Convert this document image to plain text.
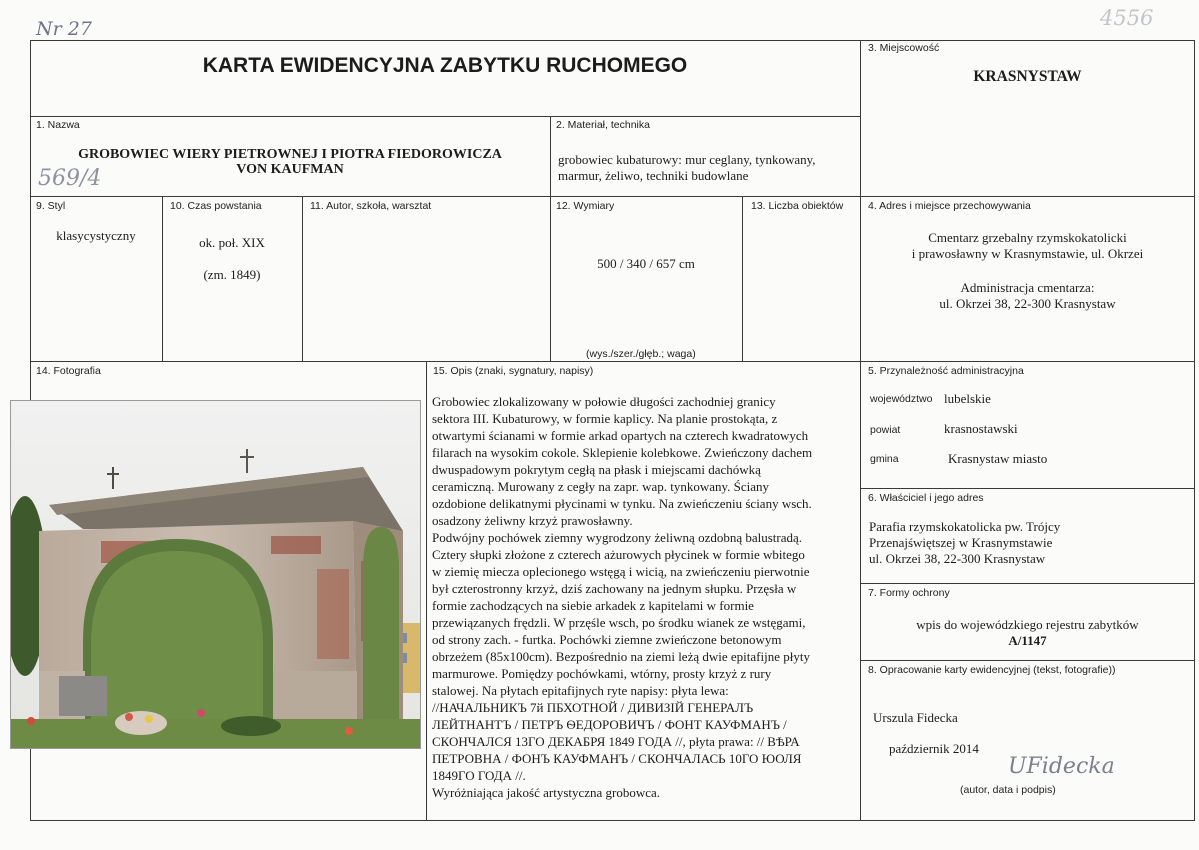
Nr 27	4556
569/4
KARTA EWIDENCYJNA ZABYTKU RUCHOMEGO
3. Miejscowość
KRASNYSTAW
1. Nazwa
GROBOWIEC WIERY PIETROWNEJ I PIOTRA FIEDOROWICZA
VON KAUFMAN
2. Materiał, technika
grobowiec kubaturowy: mur ceglany, tynkowany,
marmur, żeliwo, techniki budowlane
9. Styl
klasycystyczny
10. Czas powstania
ok. poł. XIX
(zm. 1849)
11. Autor, szkoła, warsztat	12. Wymiary
500 / 340 / 657 cm
(wys./szer./głęb.; waga)
13. Liczba obiektów 4. Adres i miejsce przechowywania
Cmentarz grzebalny rzymskokatolicki
i prawosławny w Krasnymstawie, ul. Okrzei
Administracja cmentarza:
ul. Okrzei 38, 22-300 Krasnystaw
14. Fotografia	15. Opis (znaki, sygnatury, napisy)
Grobowiec zlokalizowany w połowie długości zachodniej granicy
sektora III. Kubaturowy, w formie kaplicy. Na planie prostokąta, z
otwartymi ścianami w formie arkad opartych na czterech kwadratowych
filarach na wysokim cokole. Sklepienie kolebkowe. Zwieńczony dachem
dwuspadowym pokrytym cegłą na płask i miejscami dachówką
ceramiczną. Murowany z cegły na zapr. wap. tynkowany. Ściany
ozdobione delikatnymi płycinami w tynku. Na zwieńczeniu ściany wsch.
osadzony żeliwny krzyż prawosławny.
Podwójny pochówek ziemny wygrodzony żeliwną ozdobną balustradą.
Cztery słupki złożone z czterech ażurowych płycinek w formie wbitego
w ziemię miecza oplecionego wstęgą i wicią, na zwieńczeniu pierwotnie
był czterostronny krzyż, dziś zachowany na jednym słupku. Przęsła w
formie zachodzących na siebie arkadek z kapitelami w formie
przewiązanych frędzli. W przęśle wsch, po środku wianek ze wstęgami,
od strony zach. - furtka. Pochówki ziemne zwieńczone betonowym
obrzeżem (85x100cm). Bezpośrednio na ziemi leżą dwie epitafijne płyty
marmurowe. Pomiędzy pochówkami, wtórny, prosty krzyż z rury
stalowej. Na płytach epitafijnych ryte napisy: płyta lewa:
//НАЧАЛЬНИКЪ 7й ПБХОТНОЙ / ДИВИЗІЙ ГЕНЕРАЛЪ
ЛЕЙТНАНТЪ / ПЕТРЪ ѲЕДОРОВИЧЪ / ФОНТ КАУФМАНЪ /
СКОНЧАЛСЯ 13ГО ДЕКАБРЯ 1849 ГОДА //, płyta prawa: // ВѢРА
ПЕТРОВНА / ФОНЪ КАУФМАНЪ / СКОНЧАЛАСЬ 10ГО ЮОЛЯ
1849ГО ГОДА //.
Wyróżniająca jakość artystyczna grobowca.
5. Przynależność administracyjna
województwo lubelskie
powiat	krasnostawski
gmina	Krasnystaw miasto
6. Właściciel i jego adres
Parafia rzymskokatolicka pw. Trójcy
Przenajświętszej w Krasnymstawie
ul. Okrzei 38, 22-300 Krasnystaw
7. Formy ochrony
wpis do wojewódzkiego rejestru zabytków
A/1147
8. Opracowanie karty ewidencyjnej (tekst, fotografie))
Urszula Fidecka
październik 2014
UFidecka
(autor, data i podpis)
